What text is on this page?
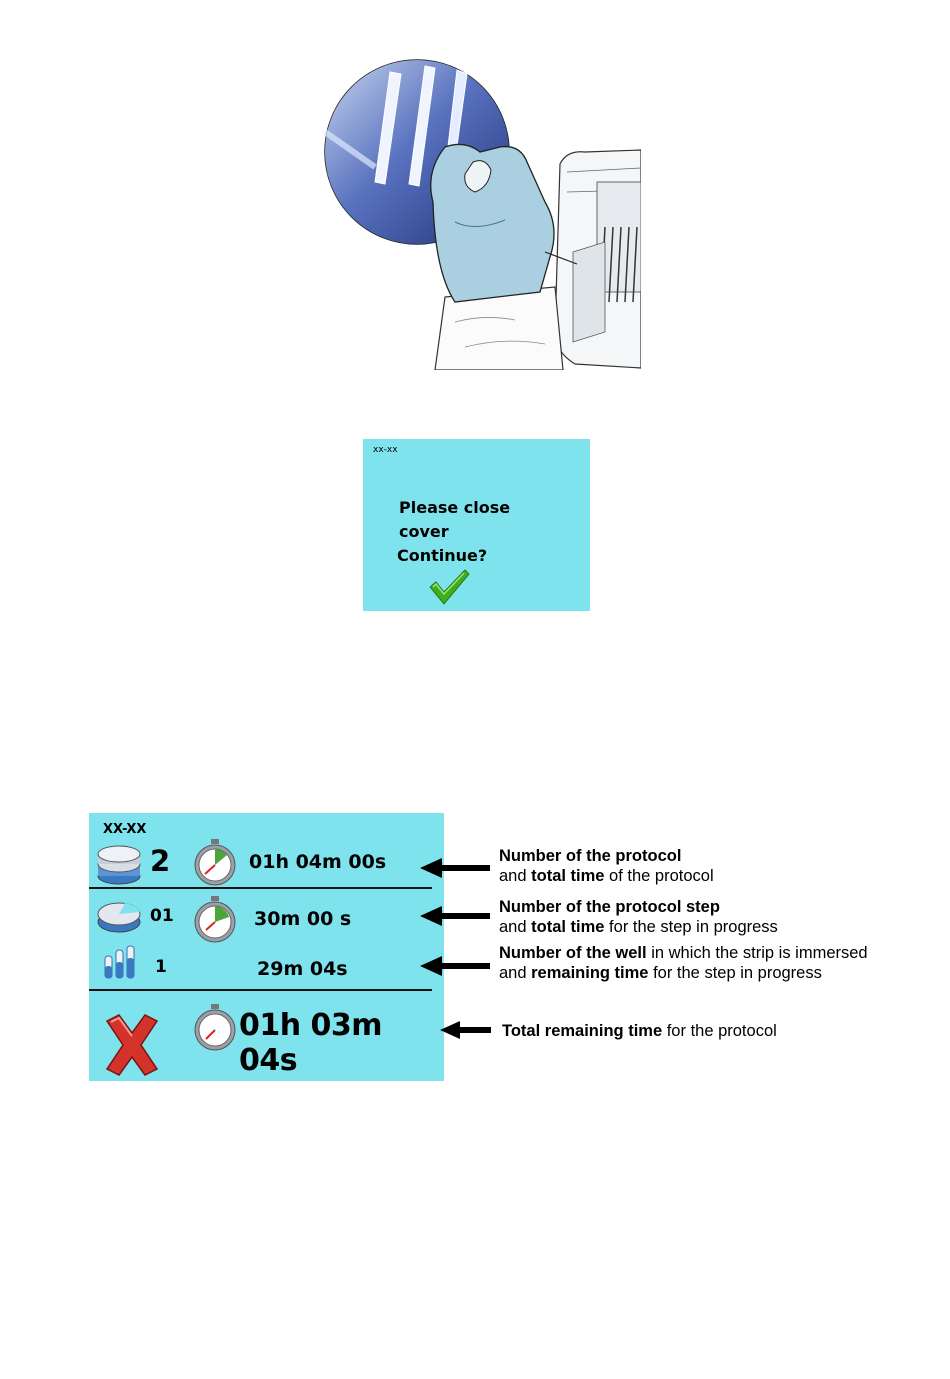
xx-xx
Please close
cover
Continue?
XX-XX
2	01h 04m 00s
01	30m 00 s
1	29m 04s
01h 03m 04s
Number of the protocol
and total time of the protocol
Number of the protocol step
and total time for the step in progress
Number of the well in which the strip is immersed
and remaining time for the step in progress
Total remaining time for the protocol
